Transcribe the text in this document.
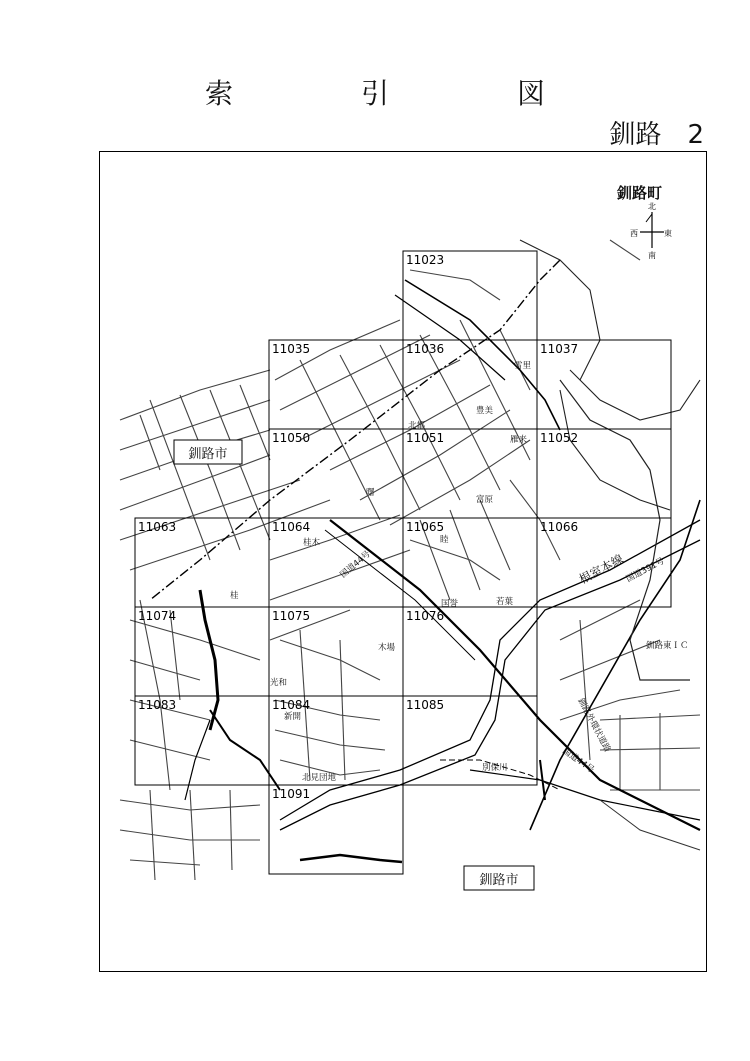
索　引　図
釧路　2
11023
11035	11036	11037
11050	11051	11052
11063	11064	11065	11066
11074	11075	11076
11083	11084	11085
11091
北
南
東
西
釧路町
釧路市
釧路市
雪里
北都
豊美
雁来
曙
富原
桂木	睦
桂
国誉	若葉
木場
光和
新開
北見団地
国道44号	国道391号
国道44号
釧路外環状道路
釧路東ＩＣ
別保川
根室本線
